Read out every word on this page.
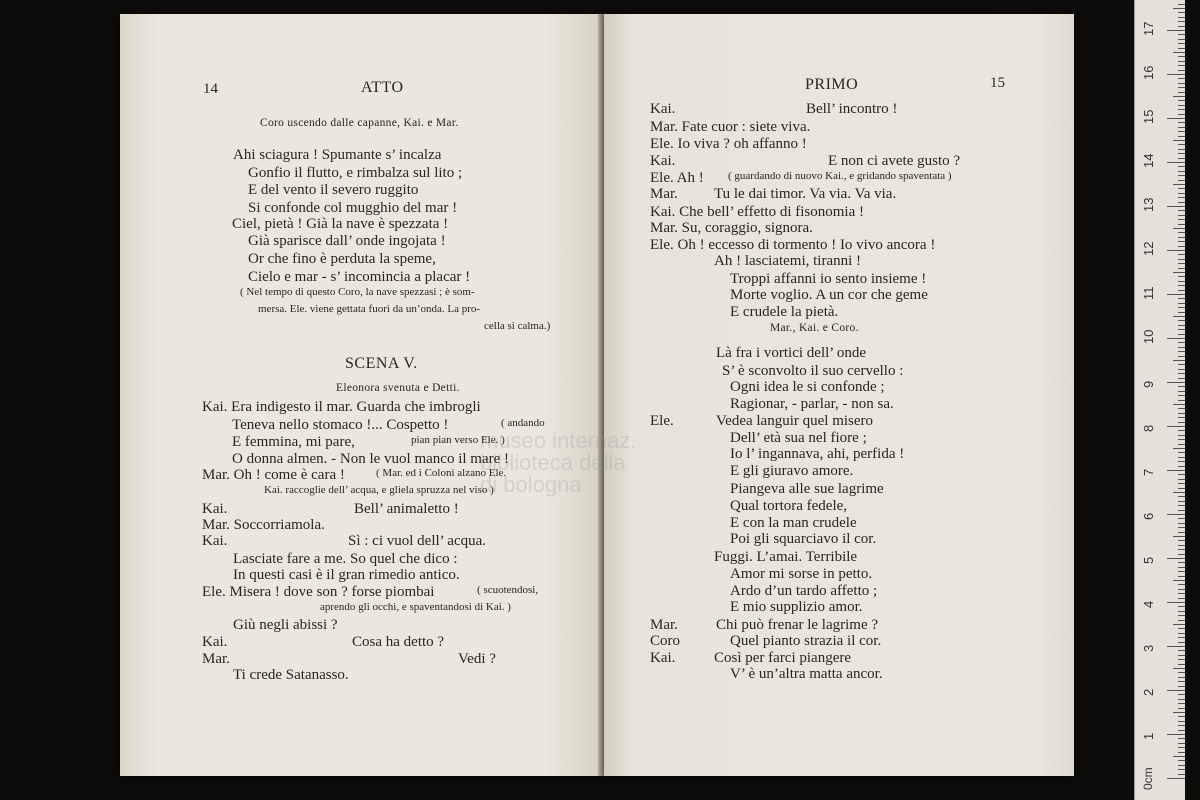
museo internaz.
biblioteca della
di bologna
0cm
1
2
3
4
5
6
7
8
9
10
11
12
13
14
15
16
17
Coro uscendo dalle capanne, Kai. e Mar.
Ahi sciagura ! Spumante s’ incalza
Gonfio il flutto, e rimbalza sul lito ;
E del vento il severo ruggito
Si confonde col mugghio del mar !
Ciel, pietà ! Già la nave è spezzata !
Già sparisce dall’ onde ingojata !
Or che fino è perduta la speme,
Cielo e mar - s’ incomincia a placar !
( Nel tempo di questo Coro, la nave spezzasi ; è som-
mersa. Ele. viene gettata fuori da un’onda. La pro-
cella si calma.)
SCENA V.
Eleonora svenuta e Detti.
Kai. Era indigesto il mar. Guarda che imbrogli
Teneva nello stomaco !... Cospetto !	( andando
E femmina, mi pare,	pian pian verso Ele. )
O donna almen. - Non le vuol manco il mare !
Mar. Oh ! come è cara !	( Mar. ed i Coloni alzano Ele.
Kai. raccoglie dell’ acqua, e gliela spruzza nel viso )
Kai.	Bell’ animaletto !
Mar. Soccorriamola.
Kai.	Sì : ci vuol dell’ acqua.
Lasciate fare a me. So quel che dico :
In questi casi è il gran rimedio antico.
Ele. Misera ! dove son ? forse piombai	( scuotendosi,
aprendo gli occhi, e spaventandosi di Kai. )
Giù negli abissi ?
Kai.	Cosa ha detto ?
Mar.	Vedi ?
Ti crede Satanasso.
Kai.	Bell’ incontro !
Mar. Fate cuor : siete viva.
Ele. Io viva ? oh affanno !
Kai.	E non ci avete gusto ?
Ele. Ah ! ( guardando di nuovo Kai., e gridando spaventata )
Mar. Tu le dai timor. Va via. Va via.
Kai. Che bell’ effetto di fisonomia !
Mar. Su, coraggio, signora.
Ele. Oh ! eccesso di tormento ! Io vivo ancora !
Ah ! lasciatemi, tiranni !
Troppi affanni io sento insieme !
Morte voglio. A un cor che geme
E crudele la pietà.
Mar., Kai. e Coro.
Là fra i vortici dell’ onde
S’ è sconvolto il suo cervello :
Ogni idea le si confonde ;
Ragionar, - parlar, - non sa.
Ele.	Vedea languir quel misero
Dell’ età sua nel fiore ;
Io l’ ingannava, ahi, perfida !
E gli giuravo amore.
Piangeva alle sue lagrime
Qual tortora fedele,
E con la man crudele
Poi gli squarciavo il cor.
Fuggi. L’amai. Terribile
Amor mi sorse in petto.
Ardo d’un tardo affetto ;
E mio supplizio amor.
Mar.	Chi può frenar le lagrime ?
Coro	Quel pianto strazia il cor.
Kai.	Così per farci piangere
V’ è un’altra matta ancor.
14	ATTO	PRIMO	15
